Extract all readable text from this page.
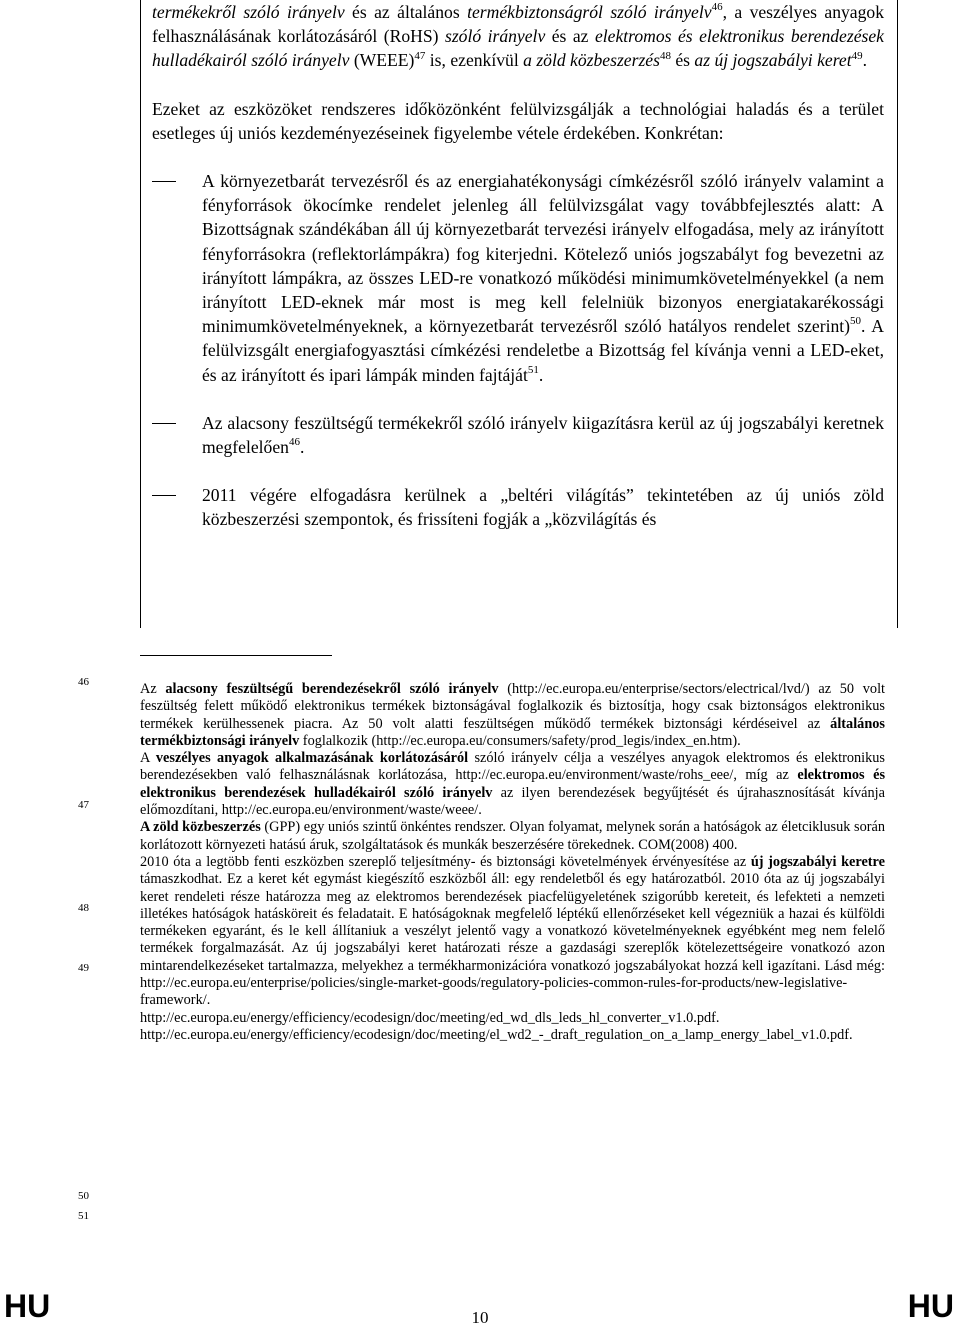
termékekről szóló irányelv és az általános termékbiztonságról szóló irányelv$^{46}$, a veszélyes anyagok felhasználásának korlátozásáról (RoHS) szóló irányelv és az elektromos és elektronikus berendezések hulladékairól szóló irányelv (WEEE)$^{47}$ is, ezenkívül a zöld közbeszerzés$^{48}$ és az új jogszabályi keret$^{49}$.

Ezeket az eszközöket rendszeres időközönként felülvizsgálják a technológiai haladás és a terület esetleges új uniós kezdeményezéseinek figyelembe vétele érdekében. Konkrétan:

A környezetbarát tervezésről és az energiahatékonysági címkézésről szóló irányelv valamint a fényforrások ökocímke rendelet jelenleg áll felülvizsgálat vagy továbbfejlesztés alatt: A Bizottságnak szándékában áll új környezetbarát tervezési irányelv elfogadása, mely az irányított fényforrásokra (reflektorlámpákra) fog kiterjedni. Kötelező uniós jogszabályt fog bevezetni az irányított lámpákra, az összes LED-re vonatkozó működési minimumkövetelményekkel (a nem irányított LED-eknek már most is meg kell felelniük bizonyos energiatakarékossági minimumkövetelményeknek, a környezetbarát tervezésről szóló hatályos rendelet szerint)$^{50}$. A felülvizsgált energiafogyasztási címkézési rendeletbe a Bizottság fel kívánja venni a LED-eket, és az irányított és ipari lámpák minden fajtáját$^{51}$.

Az alacsony feszültségű termékekről szóló irányelv kiigazításra kerül az új jogszabályi keretnek megfelelően$^{46}$.

2011 végére elfogadásra kerülnek a „beltéri világítás” tekintetében az új uniós zöld közbeszerzési szempontok, és frissíteni fogják a „közvilágítás és

46
47
48
49
50
51

Az alacsony feszültségű berendezésekről szóló irányelv (http://ec.europa.eu/enterprise/sectors/electrical/lvd/) az 50 volt feszültség felett működő elektronikus termékek biztonságával foglalkozik és biztosítja, hogy csak biztonságos elektronikus termékek kerülhessenek piacra. Az 50 volt alatti feszültségen működő termékek biztonsági kérdéseivel az általános termékbiztonsági irányelv foglalkozik (http://ec.europa.eu/consumers/safety/prod_legis/index_en.htm).

A veszélyes anyagok alkalmazásának korlátozásáról szóló irányelv célja a veszélyes anyagok elektromos és elektronikus berendezésekben való felhasználásnak korlátozása, http://ec.europa.eu/environment/waste/rohs_eee/, míg az elektromos és elektronikus berendezések hulladékairól szóló irányelv az ilyen berendezések begyűjtését és újrahasznosítását kívánja előmozdítani, http://ec.europa.eu/environment/waste/weee/.

A zöld közbeszerzés (GPP) egy uniós szintű önkéntes rendszer. Olyan folyamat, melynek során a hatóságok az életciklusuk során korlátozott környezeti hatású áruk, szolgáltatások és munkák beszerzésére törekednek. COM(2008) 400.

2010 óta a legtöbb fenti eszközben szereplő teljesítmény- és biztonsági követelmények érvényesítése az új jogszabályi keretre támaszkodhat. Ez a keret két egymást kiegészítő eszközből áll: egy rendeletből és egy határozatból. 2010 óta az új jogszabályi keret rendeleti része határozza meg az elektromos berendezések piacfelügyeletének szigorúbb kereteit, és lefekteti a nemzeti illetékes hatóságok hatásköreit és feladatait. E hatóságoknak megfelelő léptékű ellenőrzéseket kell végezniük a hazai és külföldi termékeken egyaránt, és le kell állítaniuk a veszélyt jelentő vagy a vonatkozó követelményeknek egyébként meg nem felelő termékek forgalmazását. Az új jogszabályi keret határozati része a gazdasági szereplők kötelezettségeire vonatkozó azon mintarendelkezéseket tartalmazza, melyekhez a termékharmonizációra vonatkozó jogszabályokat hozzá kell igazítani. Lásd még: http://ec.europa.eu/enterprise/policies/single-market-goods/regulatory-policies-common-rules-for-products/new-legislative-framework/.

http://ec.europa.eu/energy/efficiency/ecodesign/doc/meeting/ed_wd_dls_leds_hl_converter_v1.0.pdf.

http://ec.europa.eu/energy/efficiency/ecodesign/doc/meeting/el_wd2_-_draft_regulation_on_a_lamp_energy_label_v1.0.pdf.

HU	10	HU
